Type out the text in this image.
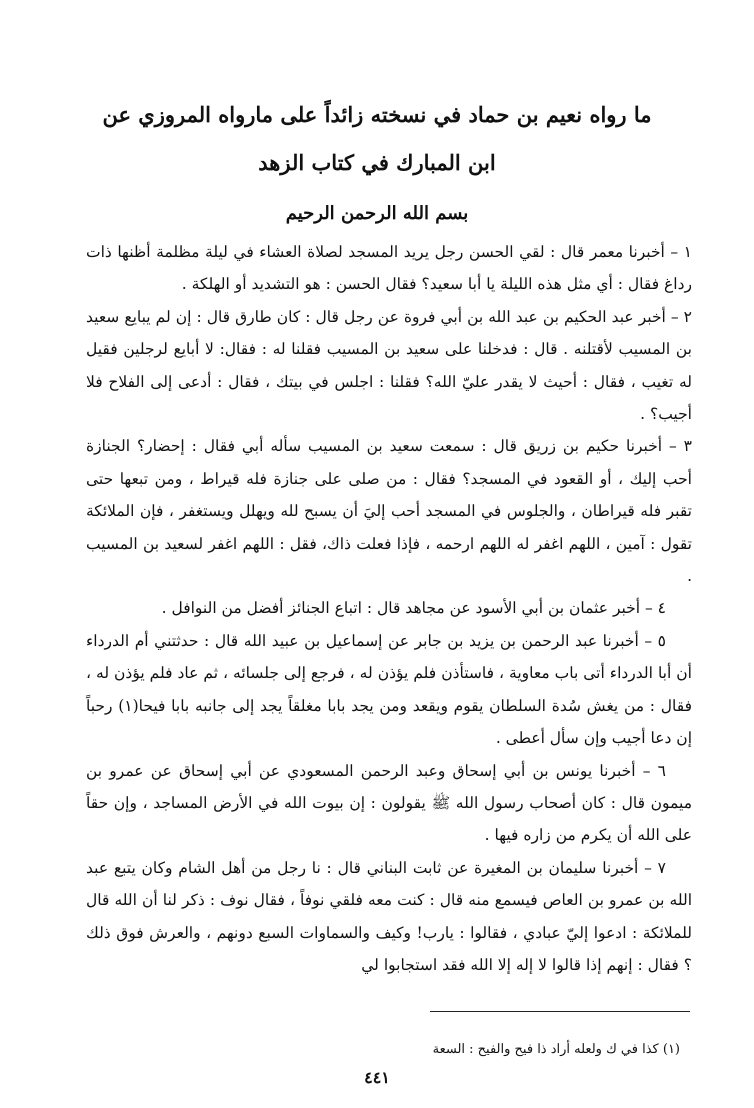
ما رواه نعيم بن حماد في نسخته زائداً على مارواه المروزي عن
ابن المبارك في كتاب الزهد
بسم الله الرحمن الرحيم

١ – أخبرنا معمر قال : لقي الحسن رجل يريد المسجد لصلاة العشاء في ليلة مظلمة أظنها ذات رداغ فقال : أي مثل هذه الليلة يا أبا سعيد؟ فقال الحسن : هو التشديد أو الهلكة .

٢ – أخبر عبد الحكيم بن عبد الله بن أبي فروة عن رجل قال : كان طارق قال : إن لم يبايع سعيد بن المسيب لأقتلنه . قال : فدخلنا على سعيد بن المسيب فقلنا له : فقال: لا أبايع لرجلين فقيل له تغيب ، فقال : أحيث لا يقدر عليّ الله؟ فقلنا : اجلس في بيتك ، فقال : أدعى إلى الفلاح فلا أجيب؟ .

٣ – أخبرنا حكيم بن زريق قال : سمعت سعيد بن المسيب سأله أبي فقال : إحضار؟ الجنازة أحب إليك ، أو القعود في المسجد؟ فقال : من صلى على جنازة فله قيراط ، ومن تبعها حتى تقبر فله قيراطان ، والجلوس في المسجد أحب إليَ أن يسبح لله ويهلل ويستغفر ، فإن الملائكة تقول : آمين ، اللهم اغفر له اللهم ارحمه ، فإذا فعلت ذاك، فقل : اللهم اغفر لسعيد بن المسيب .

٤ – أخبر عثمان بن أبي الأسود عن مجاهد قال : اتباع الجنائز أفضل من النوافل .

٥ – أخبرنا عبد الرحمن بن يزيد بن جابر عن إسماعيل بن عبيد الله قال : حدثتني أم الدرداء أن أبا الدرداء أتى باب معاوية ، فاستأذن فلم يؤذن له ، فرجع إلى جلسائه ، ثم عاد فلم يؤذن له ، فقال : من يغش سُدة السلطان يقوم ويقعد ومن يجد بابا مغلقاً يجد إلى جانبه بابا فيحا(١) رحباً إن دعا أجيب وإن سأل أعطى .

٦ – أخبرنا يونس بن أبي إسحاق وعبد الرحمن المسعودي عن أبي إسحاق عن عمرو بن ميمون قال : كان أصحاب رسول الله ﷺ يقولون : إن بيوت الله في الأرض المساجد ، وإن حقاً على الله أن يكرم من زاره فيها .

٧ – أخبرنا سليمان بن المغيرة عن ثابت البناني قال : نا رجل من أهل الشام وكان يتبع عبد الله بن عمرو بن العاص فيسمع منه قال : كنت معه فلقي نوفاً ، فقال نوف : ذكر لنا أن الله قال للملائكة : ادعوا إليّ عبادي ، فقالوا : يارب! وكيف والسماوات السبع دونهم ، والعرش فوق ذلك ؟ فقال : إنهم إذا قالوا لا إله إلا الله فقد استجابوا لي

(١) كذا في ك ولعله أراد ذا فيح والفيح : السعة
٤٤١
